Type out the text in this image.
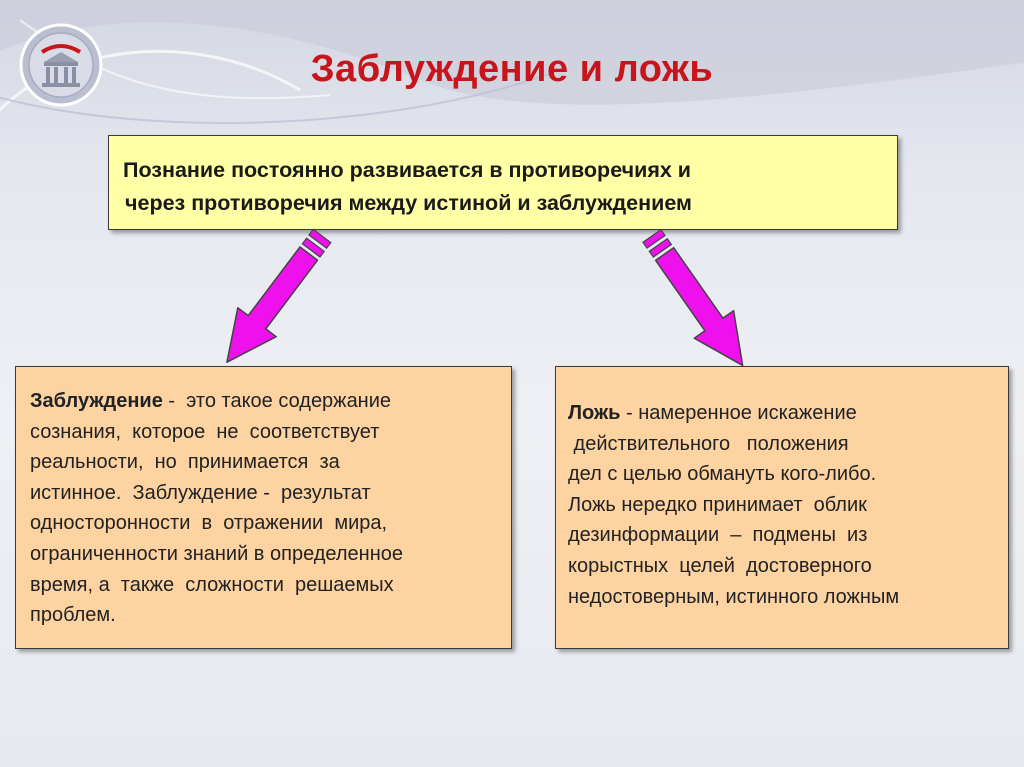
Заблуждение и ложь
Познание постоянно развивается в противоречиях и
через противоречия между истиной и заблуждением
Заблуждение -  это такое содержание
сознания,  которое  не  соответствует
реальности,  но  принимается  за
истинное.  Заблуждение -  результат
односторонности  в  отражении  мира,
ограниченности знаний в определенное
время, а  также  сложности  решаемых
проблем.
Ложь - намеренное искажение
действительного   положения
дел с целью обмануть кого-либо.
Ложь нередко принимает  облик
дезинформации  –  подмены  из
корыстных  целей  достоверного
недостоверным, истинного ложным
